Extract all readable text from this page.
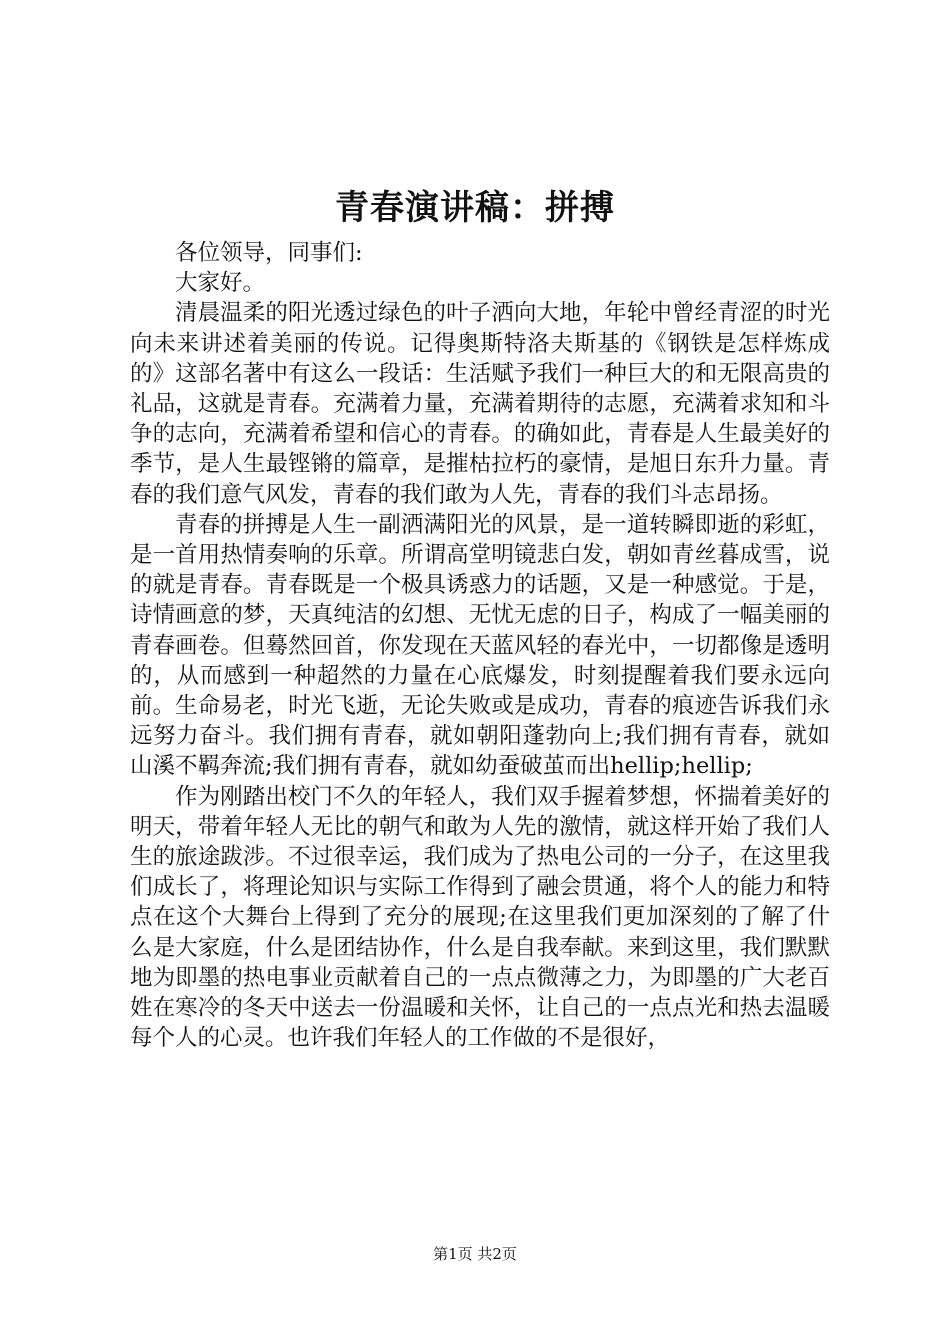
青春演讲稿：拼搏

各位领导，同事们:

大家好。

清晨温柔的阳光透过绿色的叶子洒向大地，年轮中曾经青涩的时光向未来讲述着美丽的传说。记得奥斯特洛夫斯基的《钢铁是怎样炼成的》这部名著中有这么一段话：生活赋予我们一种巨大的和无限高贵的礼品，这就是青春。充满着力量，充满着期待的志愿，充满着求知和斗争的志向，充满着希望和信心的青春。的确如此，青春是人生最美好的季节，是人生最铿锵的篇章，是摧枯拉朽的豪情，是旭日东升力量。青春的我们意气风发，青春的我们敢为人先，青春的我们斗志昂扬。

青春的拼搏是人生一副洒满阳光的风景，是一道转瞬即逝的彩虹，是一首用热情奏响的乐章。所谓高堂明镜悲白发，朝如青丝暮成雪，说的就是青春。青春既是一个极具诱惑力的话题，又是一种感觉。于是，诗情画意的梦，天真纯洁的幻想、无忧无虑的日子，构成了一幅美丽的青春画卷。但蓦然回首，你发现在天蓝风轻的春光中，一切都像是透明的，从而感到一种超然的力量在心底爆发，时刻提醒着我们要永远向前。生命易老，时光飞逝，无论失败或是成功，青春的痕迹告诉我们永远努力奋斗。我们拥有青春，就如朝阳蓬勃向上;我们拥有青春，就如山溪不羁奔流;我们拥有青春，就如幼蚕破茧而出hellip;hellip;

作为刚踏出校门不久的年轻人，我们双手握着梦想，怀揣着美好的明天，带着年轻人无比的朝气和敢为人先的激情，就这样开始了我们人生的旅途跋涉。不过很幸运，我们成为了热电公司的一分子，在这里我们成长了，将理论知识与实际工作得到了融会贯通，将个人的能力和特点在这个大舞台上得到了充分的展现;在这里我们更加深刻的了解了什么是大家庭，什么是团结协作，什么是自我奉献。来到这里，我们默默地为即墨的热电事业贡献着自己的一点点微薄之力，为即墨的广大老百姓在寒冷的冬天中送去一份温暖和关怀，让自己的一点点光和热去温暖每个人的心灵。也许我们年轻人的工作做的不是很好，

第1页 共2页
